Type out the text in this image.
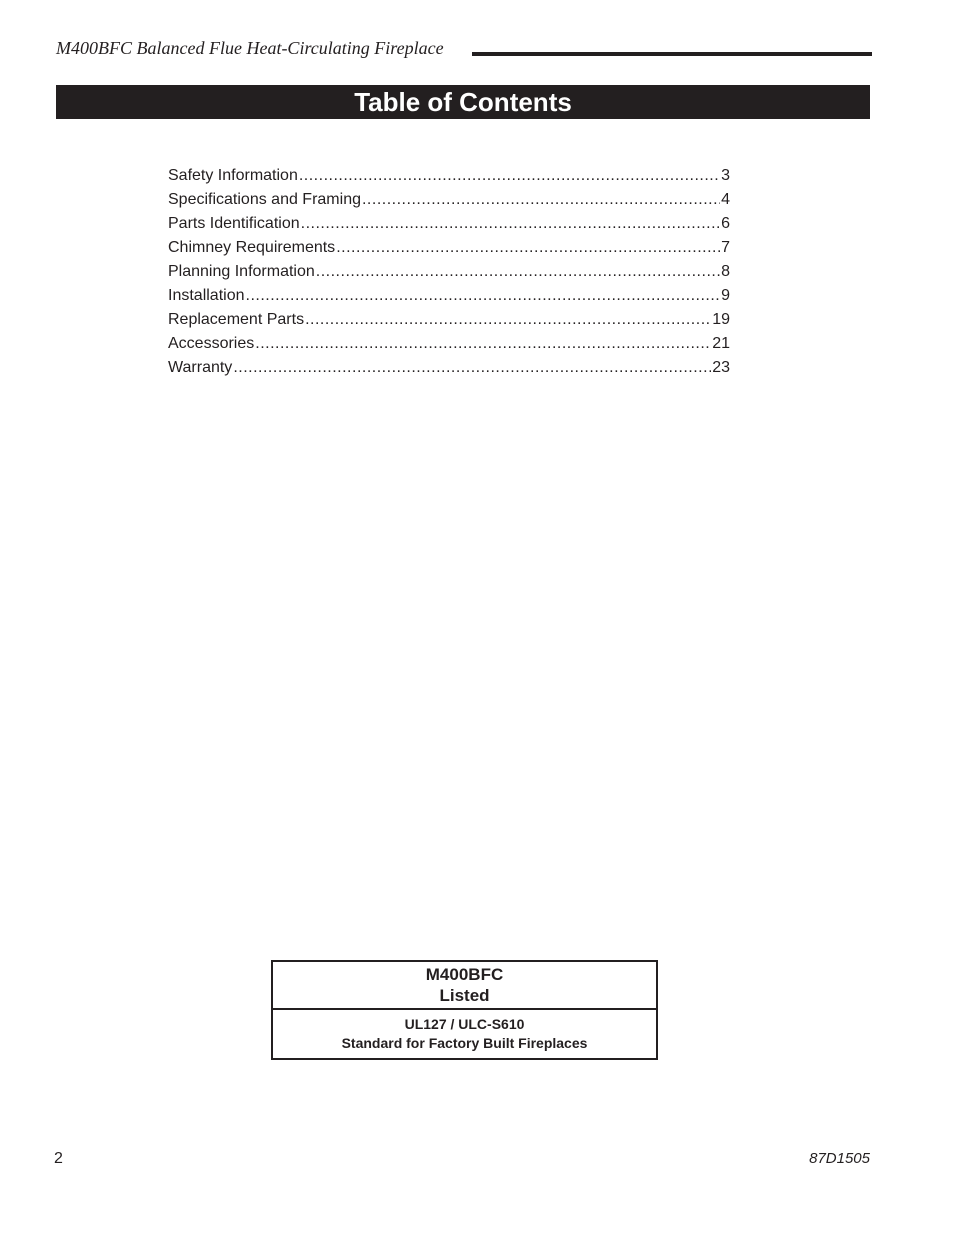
M400BFC Balanced Flue Heat-Circulating Fireplace
Table of Contents
Safety Information .....	3
Specifications and Framing .....	4
Parts Identification .....	6
Chimney Requirements .....	7
Planning Information .....	8
Installation .....	9
Replacement Parts .....	19
Accessories .....	21
Warranty .....	23
M400BFC
Listed
UL127 / ULC-S610
Standard for Factory Built Fireplaces
2	87D1505
